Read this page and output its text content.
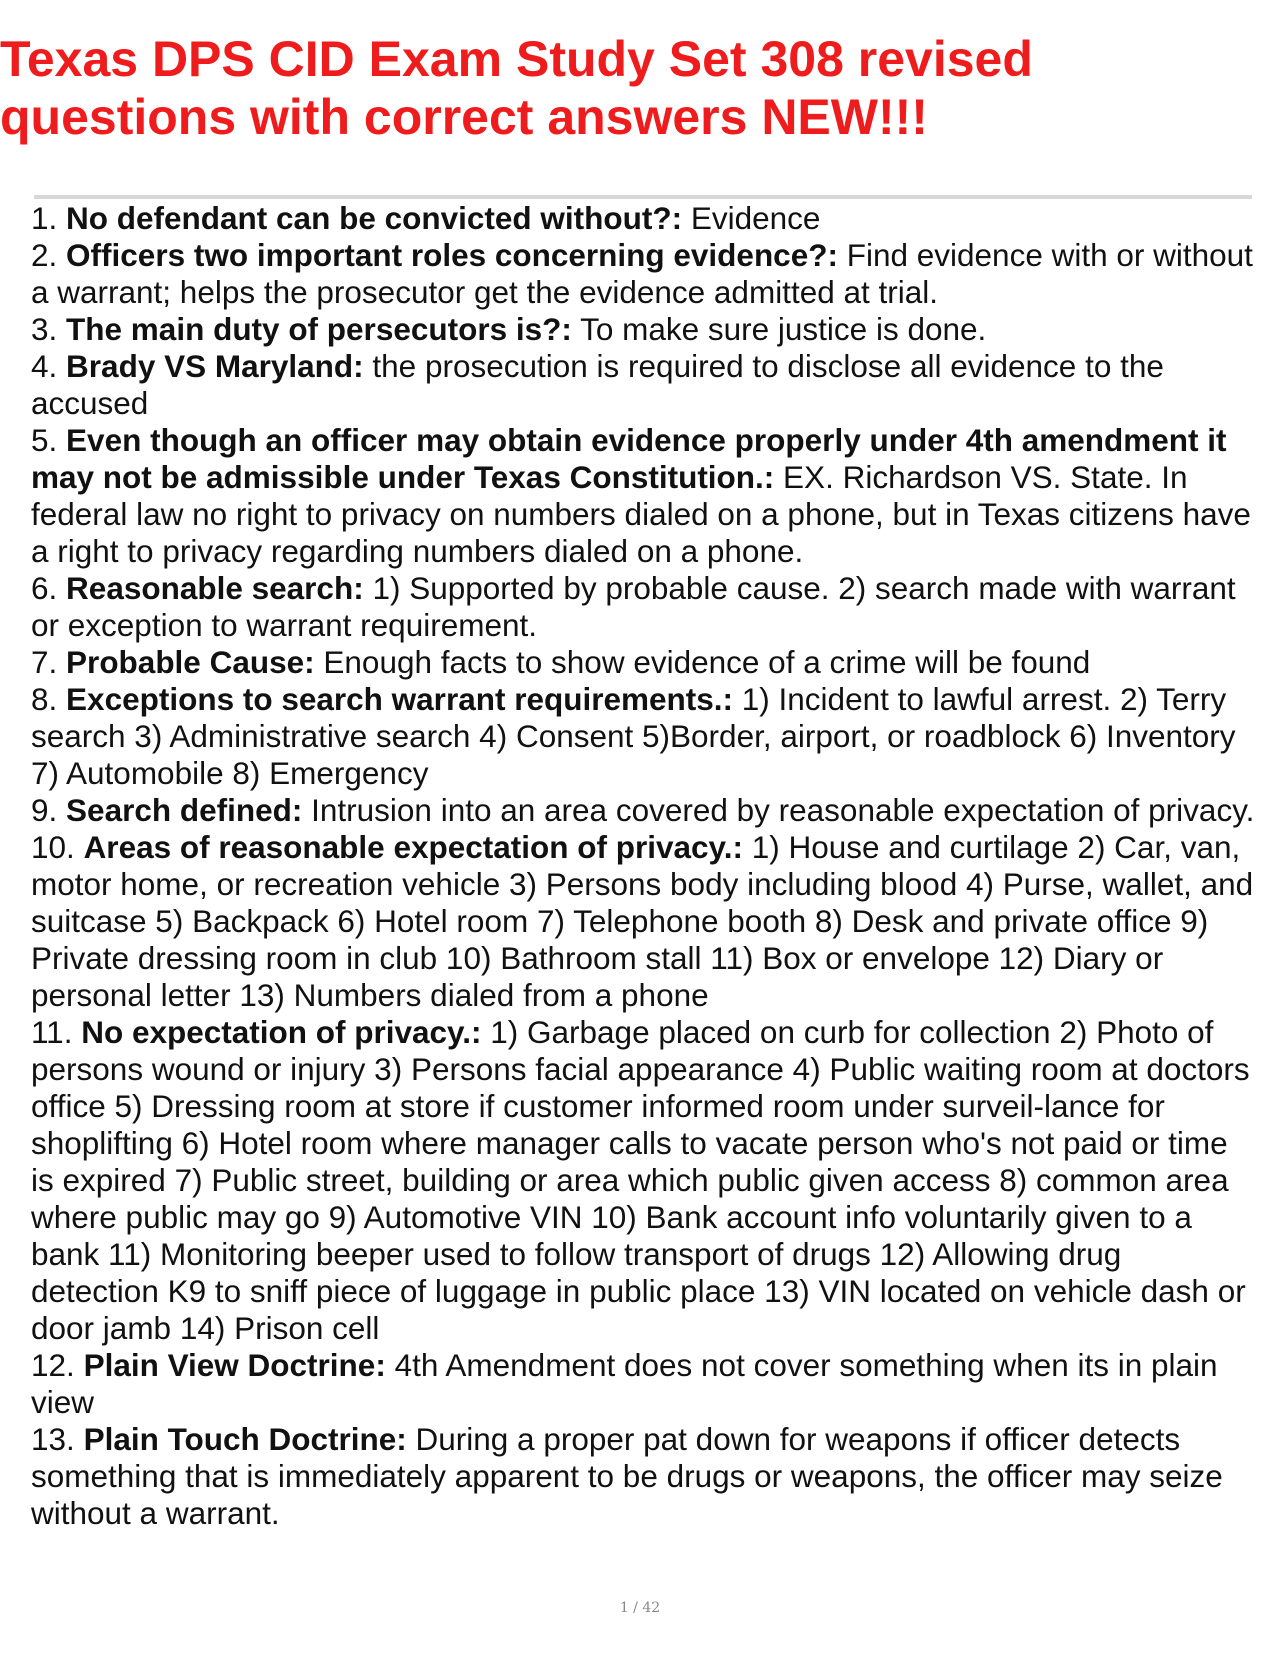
Texas DPS CID Exam Study Set 308 revised
questions with correct answers NEW!!!
1. No defendant can be convicted without?: Evidence
2. Officers two important roles concerning evidence?: Find evidence with or without a warrant; helps the prosecutor get the evidence admitted at trial.
3. The main duty of persecutors is?: To make sure justice is done.
4. Brady VS Maryland: the prosecution is required to disclose all evidence to the accused
5. Even though an officer may obtain evidence properly under 4th amendment it may not be admissible under Texas Constitution.: EX. Richardson VS. State. In federal law no right to privacy on numbers dialed on a phone, but in Texas citizens have a right to privacy regarding numbers dialed on a phone.
6. Reasonable search: 1) Supported by probable cause. 2) search made with warrant or exception to warrant requirement.
7. Probable Cause: Enough facts to show evidence of a crime will be found
8. Exceptions to search warrant requirements.: 1) Incident to lawful arrest. 2) Terry search 3) Administrative search 4) Consent 5)Border, airport, or roadblock 6) Inventory 7) Automobile 8) Emergency
9. Search defined: Intrusion into an area covered by reasonable expectation of privacy.
10. Areas of reasonable expectation of privacy.: 1) House and curtilage 2) Car, van, motor home, or recreation vehicle 3) Persons body including blood 4) Purse, wallet, and suitcase 5) Backpack 6) Hotel room 7) Telephone booth 8) Desk and private office 9) Private dressing room in club 10) Bathroom stall 11) Box or envelope 12) Diary or personal letter 13) Numbers dialed from a phone
11. No expectation of privacy.: 1) Garbage placed on curb for collection 2) Photo of persons wound or injury 3) Persons facial appearance 4) Public waiting room at doctors office 5) Dressing room at store if customer informed room under surveil-lance for shoplifting 6) Hotel room where manager calls to vacate person who's not paid or time is expired 7) Public street, building or area which public given access 8) common area where public may go 9) Automotive VIN 10) Bank account info voluntarily given to a bank 11) Monitoring beeper used to follow transport of drugs 12) Allowing drug detection K9 to sniff piece of luggage in public place 13) VIN located on vehicle dash or door jamb 14) Prison cell
12. Plain View Doctrine: 4th Amendment does not cover something when its in plain view
13. Plain Touch Doctrine: During a proper pat down for weapons if officer detects something that is immediately apparent to be drugs or weapons, the officer may seize without a warrant.
1 / 42
